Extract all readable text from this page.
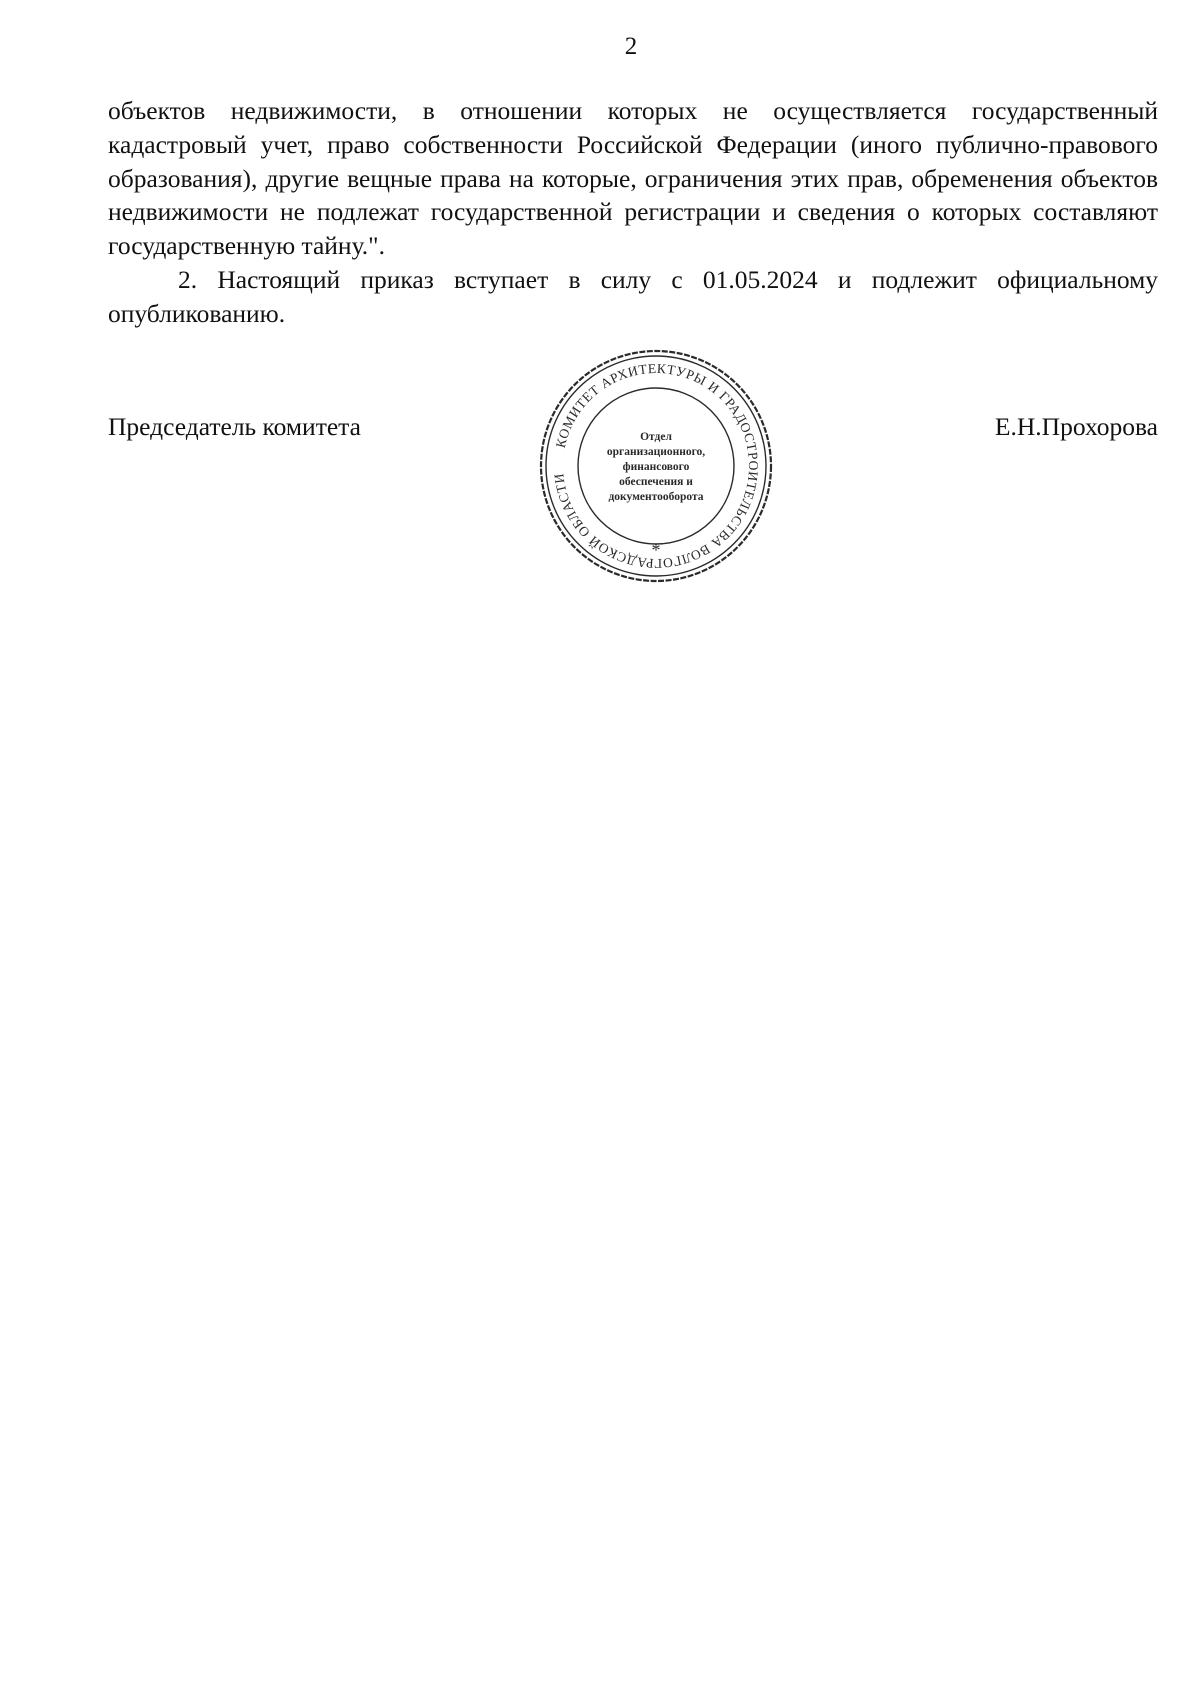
2

объектов недвижимости, в отношении которых не осуществляется государственный кадастровый учет, право собственности Российской Федерации (иного публично-правового образования), другие вещные права на которые, ограничения этих прав, обременения объектов недвижимости не подлежат государственной регистрации и сведения о которых составляют государственную тайну.".

2. Настоящий приказ вступает в силу с 01.05.2024 и подлежит официальному опубликованию.

Председатель комитета	Е.Н.Прохорова
КОМИТЕТ АРХИТЕКТУРЫ И ГРАДОСТРОИТЕЛЬСТВА ВОЛГОГРАДСКОЙ ОБЛАСТИ
*
Отдел
организационного,
финансового
обеспечения и
документооборота
